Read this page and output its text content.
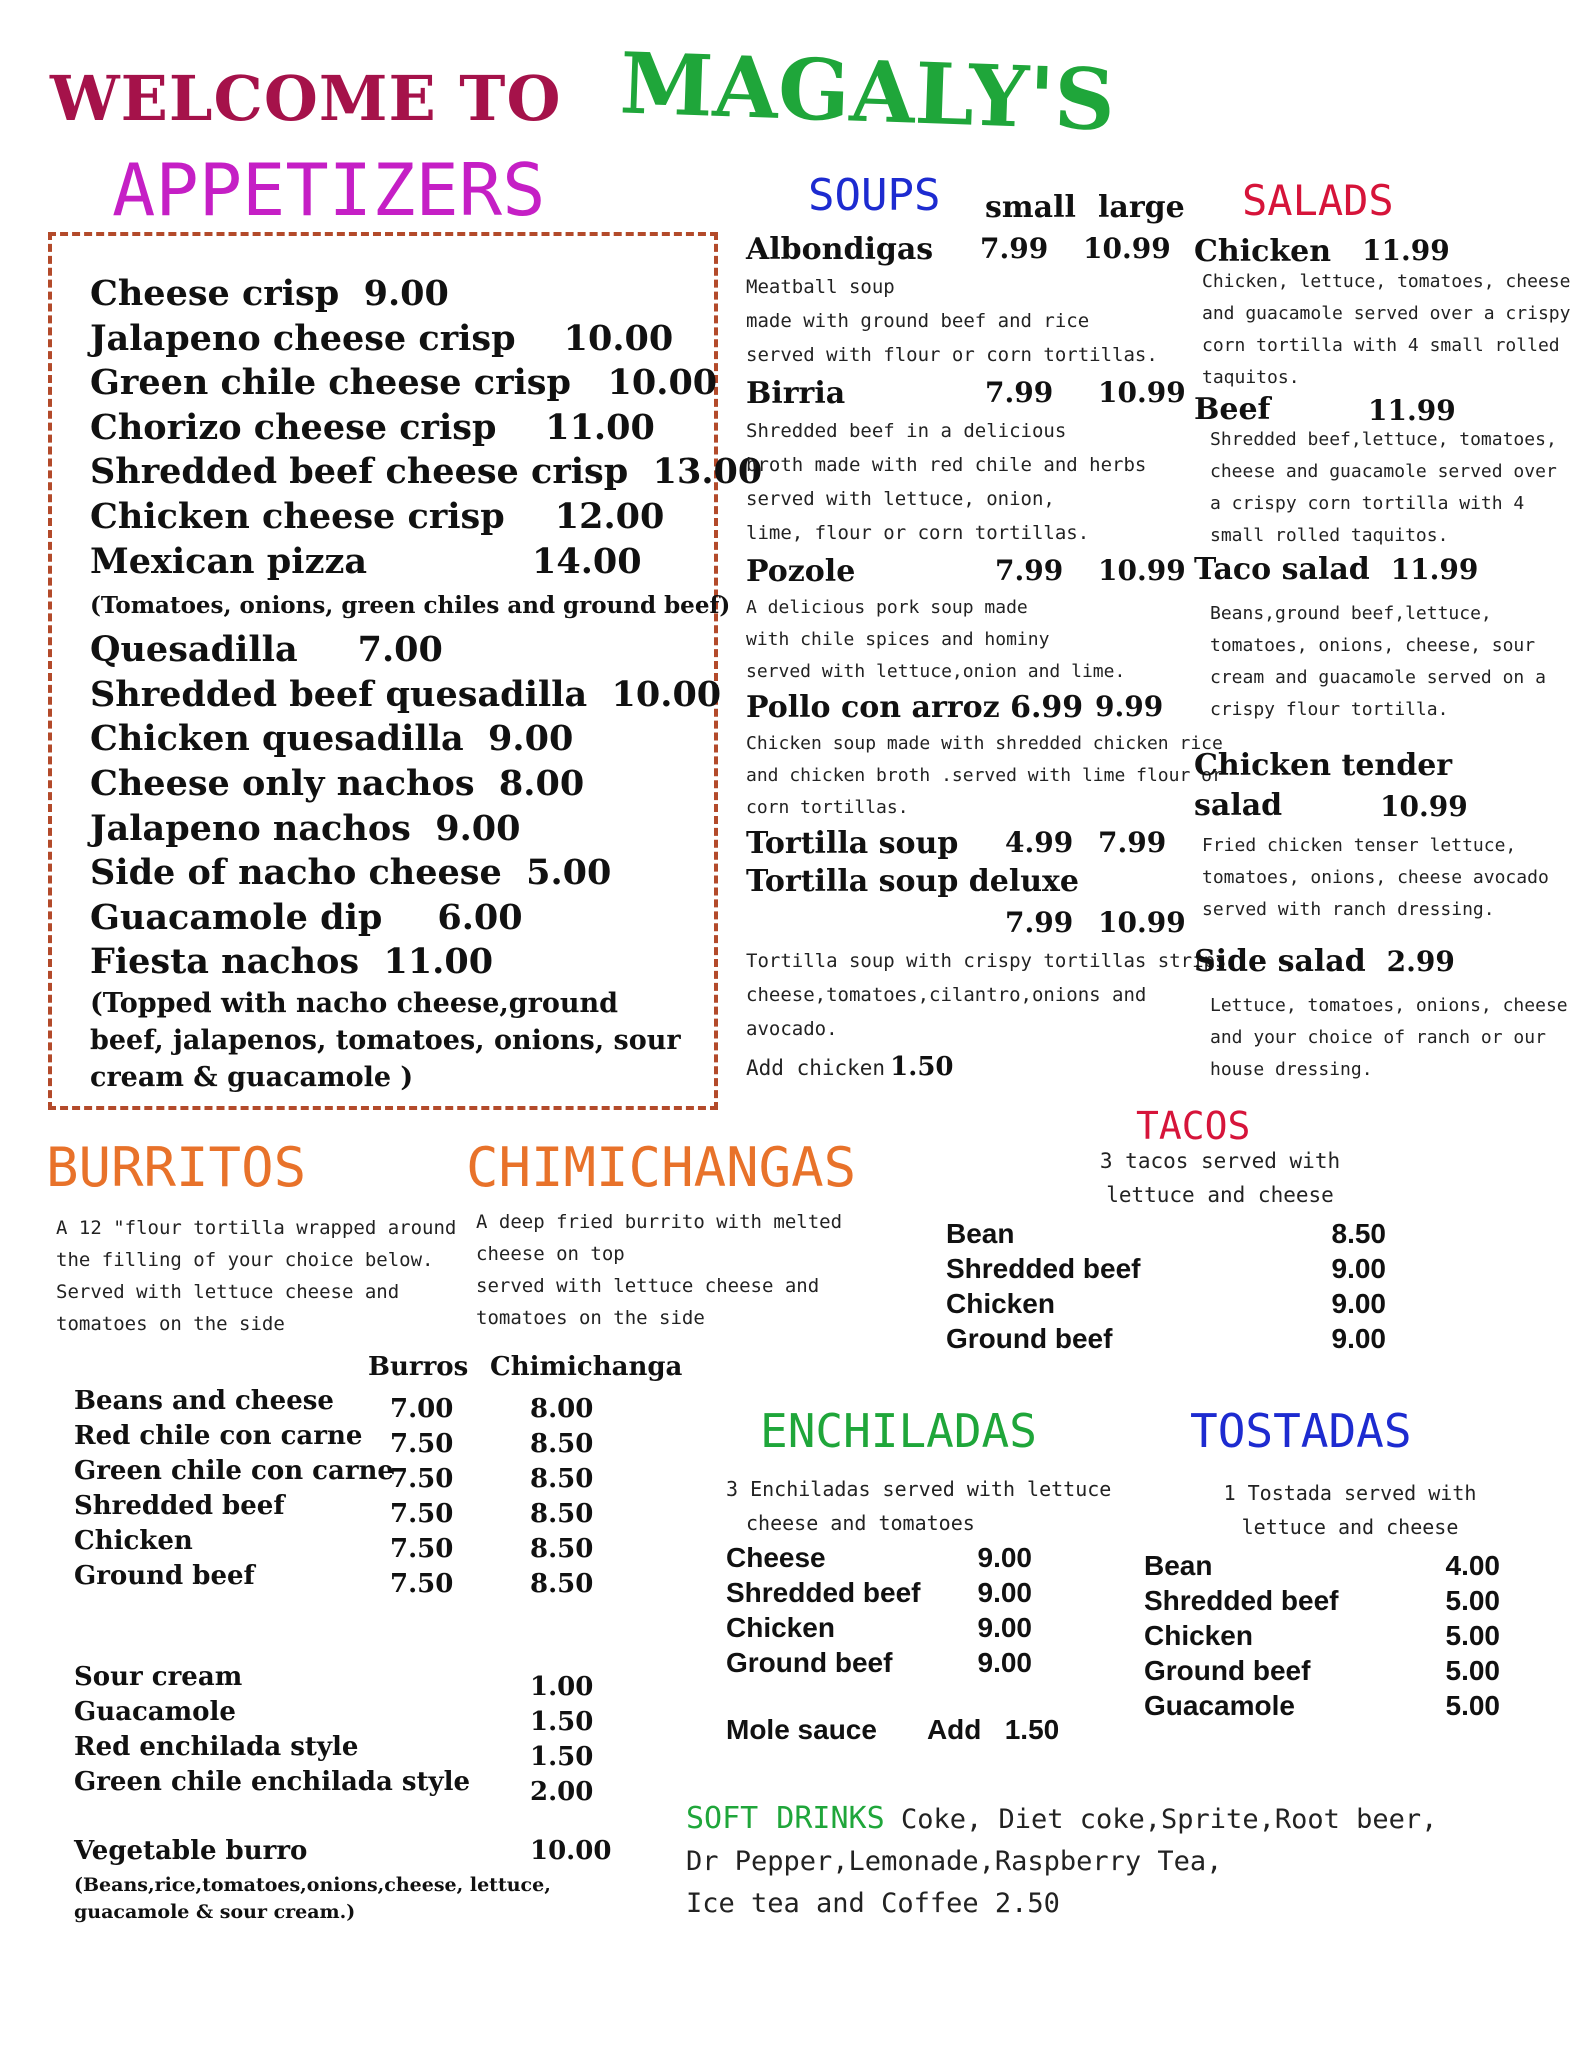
WELCOME TO MAGALY'S
APPETIZERS
Cheese crisp 9.00
Jalapeno cheese crisp 10.00
Green chile cheese crisp 10.00
Chorizo cheese crisp 11.00
Shredded beef cheese crisp 13.00
Chicken cheese crisp 12.00
Mexican pizza	14.00
(Tomatoes, onions, green chiles and ground beef)
Quesadilla 7.00
Shredded beef quesadilla 10.00
Chicken quesadilla 9.00
Cheese only nachos 8.00
Jalapeno nachos 9.00
Side of nacho cheese 5.00
Guacamole dip 6.00
Fiesta nachos 11.00
(Topped with nacho cheese,ground beef, jalapenos, tomatoes, onions, sour cream & guacamole )
SOUPS small large
Albondigas 7.99 10.99
Meatball soup
made with ground beef and rice
served with flour or corn tortillas.
Birria	7.99 10.99
Shredded beef in a delicious
broth made with red chile and herbs
served with lettuce, onion,
lime, flour or corn tortillas.
Pozole	7.99 10.99
A delicious pork soup made
with chile spices and hominy
served with lettuce,onion and lime.
Pollo con arroz 6.99 9.99
Chicken soup made with shredded chicken rice
and chicken broth .served with lime flour or
corn tortillas.
Tortilla soup 4.99 7.99
Tortilla soup deluxe
7.99 10.99
Tortilla soup with crispy tortillas strips,
cheese,tomatoes,cilantro,onions and
avocado.
Add chicken 1.50
SALADS
Chicken 11.99
Chicken, lettuce, tomatoes, cheese
and guacamole served over a crispy
corn tortilla with 4 small rolled
taquitos.
Beef	11.99
Shredded beef,lettuce, tomatoes,
cheese and guacamole served over
a crispy corn tortilla with 4
small rolled taquitos.
Taco salad 11.99
Beans,ground beef,lettuce,
tomatoes, onions, cheese, sour
cream and guacamole served on a
crispy flour tortilla.
Chicken tender
salad	10.99
Fried chicken tenser lettuce,
tomatoes, onions, cheese avocado
served with ranch dressing.
Side salad 2.99
Lettuce, tomatoes, onions, cheese
and your choice of ranch or our
house dressing.
TACOS
3 tacos served with
lettuce and cheese
Bean	8.50
Shredded beef	9.00
Chicken	9.00
Ground beef	9.00
BURRITOS
A 12 "flour tortilla wrapped around
the filling of your choice below.
Served with lettuce cheese and
tomatoes on the side
CHIMICHANGAS
A deep fried burrito with melted
cheese on top
served with lettuce cheese and
tomatoes on the side
Burros Chimichanga
Beans and cheese 7.00	8.00
Red chile con carne 7.50	8.50
Green chile con carne
7.50	8.50
Shredded beef	7.50	8.50
Chicken	7.50	8.50
Ground beef	7.50	8.50
Sour cream	1.00
Guacamole	1.50
Red enchilada style	1.50
Green chile enchilada style 2.00
Vegetable burro	10.00
(Beans,rice,tomatoes,onions,cheese, lettuce,
guacamole & sour cream.)
ENCHILADAS
3 Enchiladas served with lettuce
cheese and tomatoes
Cheese	9.00
Shredded beef 9.00
Chicken	9.00
Ground beef	9.00
Mole sauce Add 1.50
TOSTADAS
1 Tostada served with
lettuce and cheese
Bean	4.00
Shredded beef	5.00
Chicken	5.00
Ground beef	5.00
Guacamole	5.00
SOFT DRINKS Coke, Diet coke,Sprite,Root beer,
Dr Pepper,Lemonade,Raspberry Tea,
Ice tea and Coffee 2.50
